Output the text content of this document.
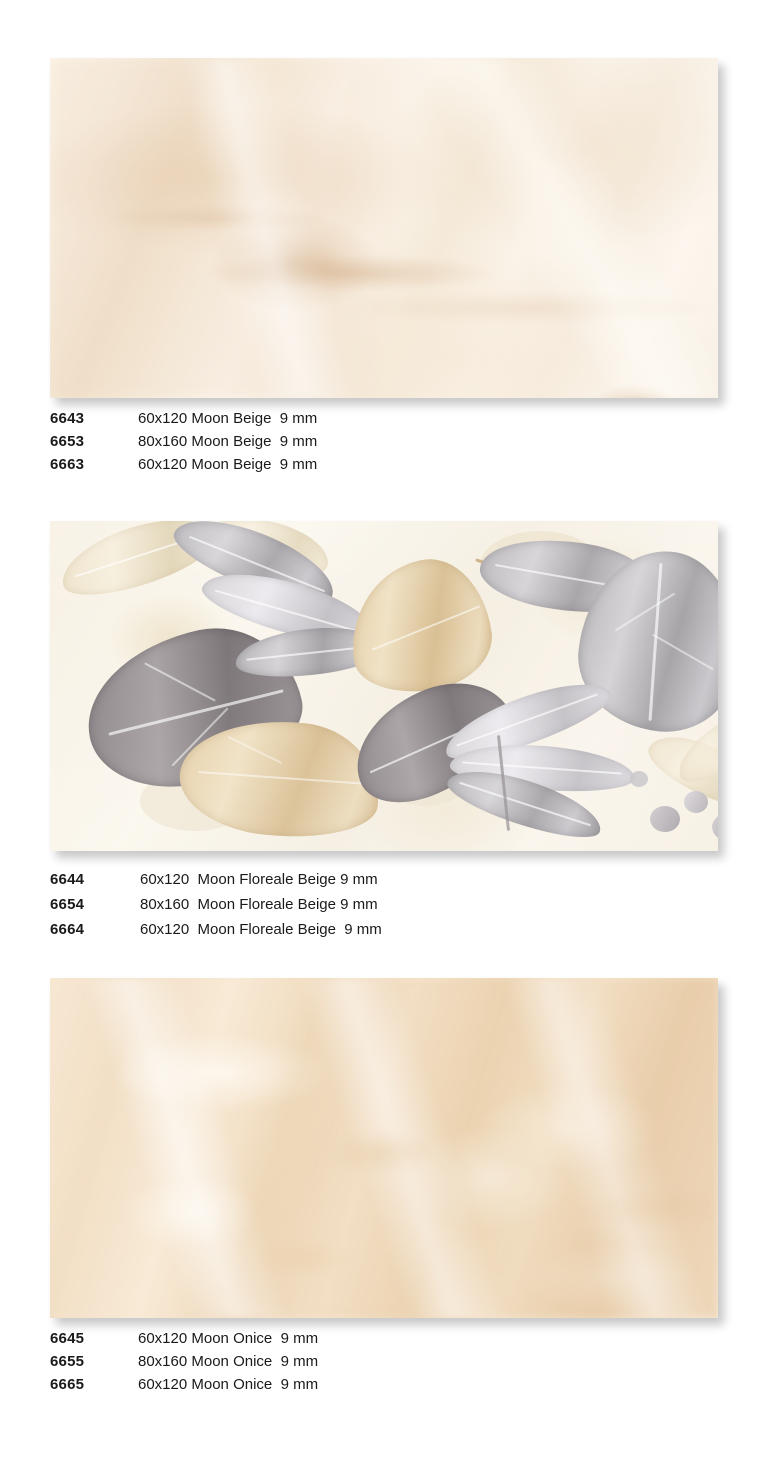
6643	60x120 Moon Beige  9 mm
6653	80x160 Moon Beige  9 mm
6663	60x120 Moon Beige  9 mm
6644	60x120  Moon Floreale Beige 9 mm
6654	80x160  Moon Floreale Beige 9 mm
6664	60x120  Moon Floreale Beige  9 mm
6645	60x120 Moon Onice  9 mm
6655	80x160 Moon Onice  9 mm
6665	60x120 Moon Onice  9 mm
